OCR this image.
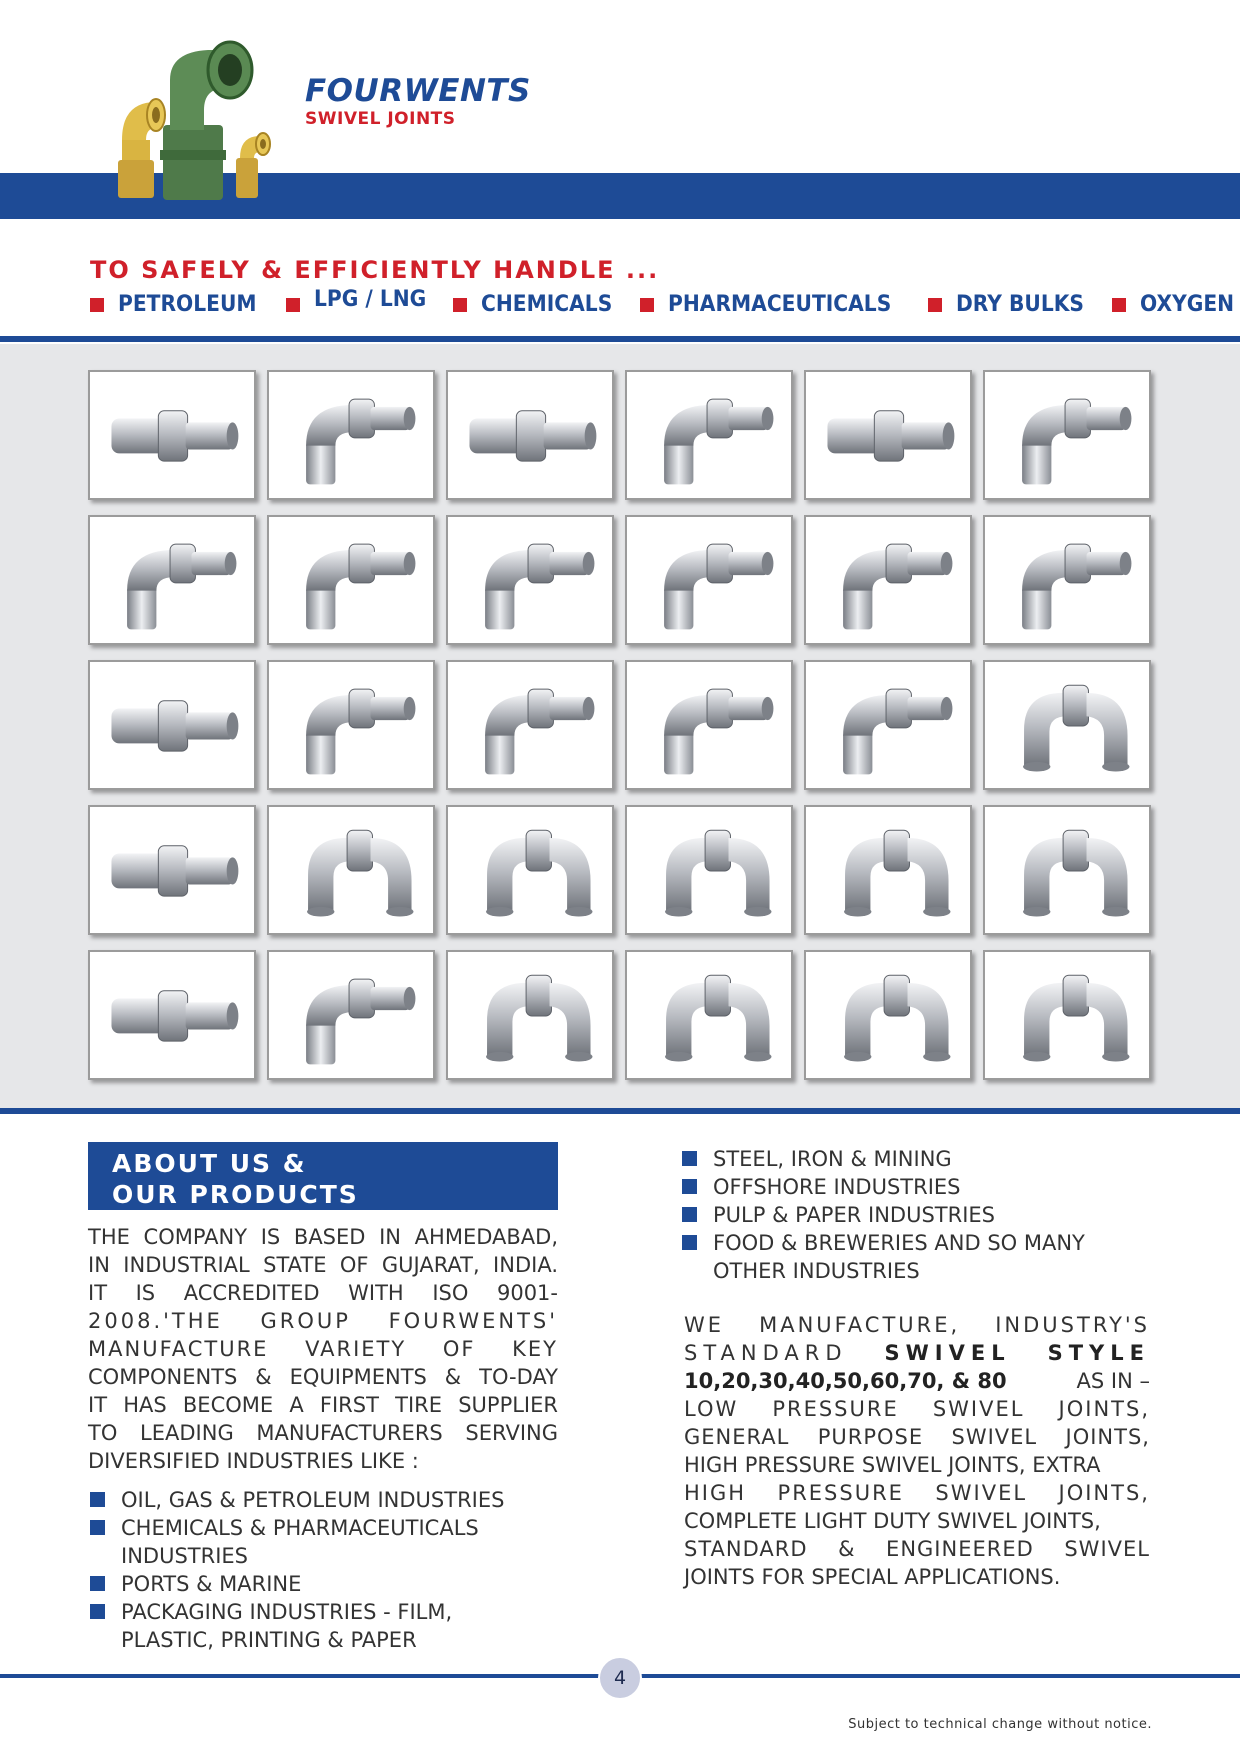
FOURWENTS
SWIVEL JOINTS
TO SAFELY & EFFICIENTLY HANDLE ...
PETROLEUM	LPG / LNG CHEMICALS	PHARMACEUTICALS	DRY BULKS	OXYGEN
ABOUT US &
OUR PRODUCTS
THE COMPANY IS BASED IN AHMEDABAD,
IN INDUSTRIAL STATE OF GUJARAT, INDIA.
IT IS ACCREDITED WITH ISO 9001-
2008.'THE GROUP FOURWENTS'
MANUFACTURE VARIETY OF KEY
COMPONENTS & EQUIPMENTS & TO-DAY
IT HAS BECOME A FIRST TIRE SUPPLIER
TO LEADING MANUFACTURERS SERVING
DIVERSIFIED INDUSTRIES LIKE :
OIL, GAS & PETROLEUM INDUSTRIES
CHEMICALS & PHARMACEUTICALS INDUSTRIES
PORTS & MARINE
PACKAGING INDUSTRIES - FILM, PLASTIC, PRINTING & PAPER
STEEL, IRON & MINING
OFFSHORE INDUSTRIES
PULP & PAPER INDUSTRIES
FOOD & BREWERIES AND SO MANY OTHER INDUSTRIES
WE MANUFACTURE, INDUSTRY'S
STANDARD SWIVEL STYLE
10,20,30,40,50,60,70, & 80	AS IN –
LOW PRESSURE SWIVEL JOINTS,
GENERAL PURPOSE SWIVEL JOINTS,
HIGH PRESSURE SWIVEL JOINTS, EXTRA
HIGH PRESSURE SWIVEL JOINTS,
COMPLETE LIGHT DUTY SWIVEL JOINTS,
STANDARD & ENGINEERED SWIVEL
JOINTS FOR SPECIAL APPLICATIONS.
4
Subject to technical change without notice.
